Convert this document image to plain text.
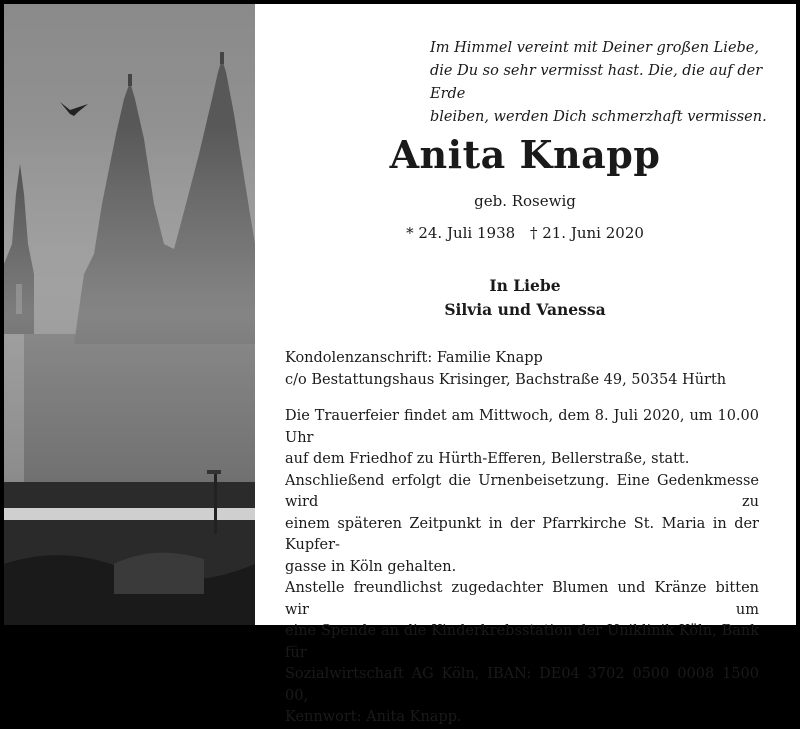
Im Himmel vereint mit Deiner großen Liebe,
die Du so sehr vermisst hast. Die, die auf der Erde
bleiben, werden Dich schmerzhaft vermissen.
Anita Knapp
geb. Rosewig
* 24. Juli 1938 † 21. Juni 2020
In Liebe
Silvia und Vanessa
Kondolenzanschrift: Familie Knapp
c/o Bestattungshaus Krisinger, Bachstraße 49, 50354 Hürth

Die Trauerfeier findet am Mittwoch, dem 8. Juli 2020, um 10.00 Uhr

auf dem Friedhof zu Hürth-Efferen, Bellerstraße, statt.

Anschließend erfolgt die Urnenbeisetzung. Eine Gedenkmesse wird zu

einem späteren Zeitpunkt in der Pfarrkirche St. Maria in der Kupfer-

gasse in Köln gehalten.

Anstelle freundlichst zugedachter Blumen und Kränze bitten wir um

eine Spende an die Kinderkrebsstation der Uniklinik Köln, Bank für

Sozialwirtschaft AG Köln, IBAN: DE04 3702 0500 0008 1500 00,

Kennwort: Anita Knapp.
